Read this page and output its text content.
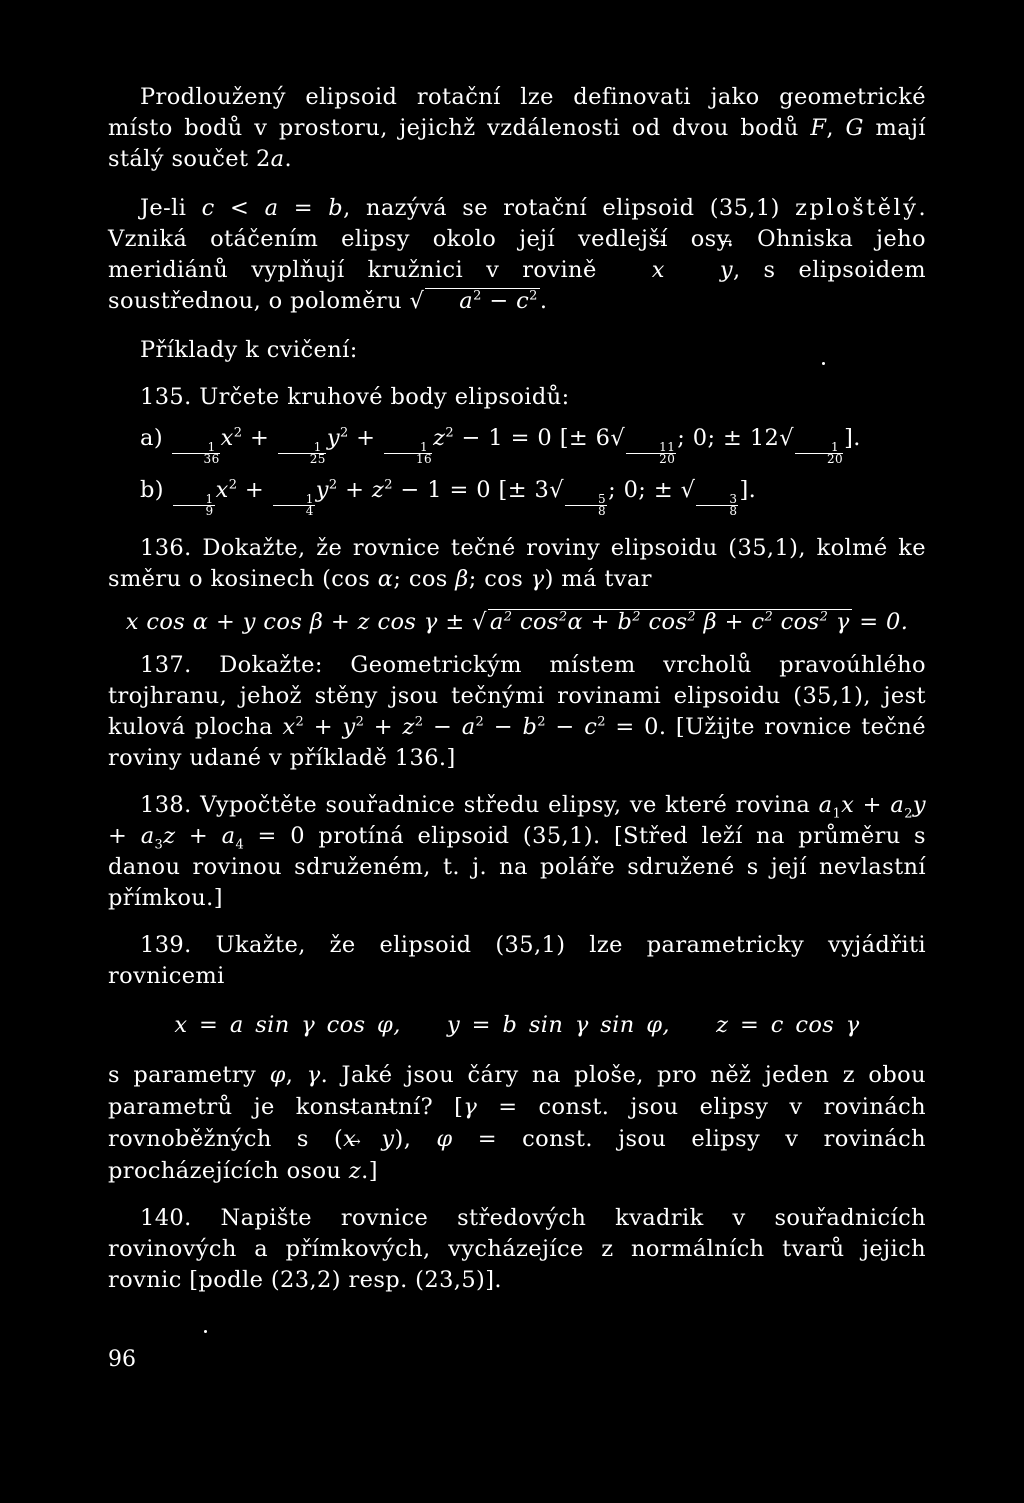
Prodloužený elipsoid rotační lze definovati jako geometrické místo bodů v prostoru, jejichž vzdálenosti od dvou bodů F, G mají stálý součet 2a.

Je-li c < a = b, nazývá se rotační elipsoid (35,1) zploštělý. Vzniká otáčením elipsy okolo její vedlejší osy. Ohniska jeho meridiánů vyplňují kružnici v rovině → x → y, s elipsoidem soustřednou, o poloměru √ $a^2 - c^2$.

Příklady k cvičení:

135. Určete kruhové body elipsoidů:

a)
$\frac{1}{36}$
$x^2$ +
$\frac{1}{25}$
$y^2$ +
$\frac{1}{16}$
$z^2 - 1 = 0$ [± 6√
$\frac{11}{20}$
; 0; ± 12√
$\frac{1}{20}$
].

b)
$\frac{1}{9}$
$x^2$ +
$\frac{1}{4}$
$y^2 + z^2 - 1 = 0$ [± 3√
$\frac{5}{8}$
; 0; ± √
$\frac{3}{8}$
].

136. Dokažte, že rovnice tečné roviny elipsoidu (35,1), kolmé ke směru o kosinech (cos α; cos β; cos γ) má tvar

x cos α + y cos β + z cos γ ± √ $a^2$ $\cos^2\alpha + b^2$ $\cos^2 \beta + c^2$ $\cos^2 \gamma = 0$.

137. Dokažte: Geometrickým místem vrcholů pravoúhlého trojhranu, jehož stěny jsou tečnými rovinami elipsoidu (35,1), jest kulová plocha $x^2 + y^2 + z^2 - a^2 - b^2 - c^2 = 0$. [Užijte rovnice tečné roviny udané v příkladě 136.]

138. Vypočtěte souřadnice středu elipsy, ve které rovina $a_1x + a_2y + a_3z + a_4 = 0$ protíná elipsoid (35,1). [Střed leží na průměru s danou rovinou sdruženém, t. j. na poláře sdružené s její nevlastní přímkou.]

139. Ukažte, že elipsoid (35,1) lze parametricky vyjádřiti rovnicemi

x = a sin γ cos φ,    y = b sin γ sin φ,    z = c cos γ

s parametry φ, γ. Jaké jsou čáry na ploše, pro něž jeden z obou parametrů je konstantní? [γ = const. jsou elipsy v rovinách rovnoběžných s (→ x → y), φ = const. jsou elipsy v rovinách procházejících osou → z.]

140. Napište rovnice středových kvadrik v souřadnicích rovinových a přímkových, vycházejíce z normálních tvarů jejich rovnic [podle (23,2) resp. (23,5)].

96
